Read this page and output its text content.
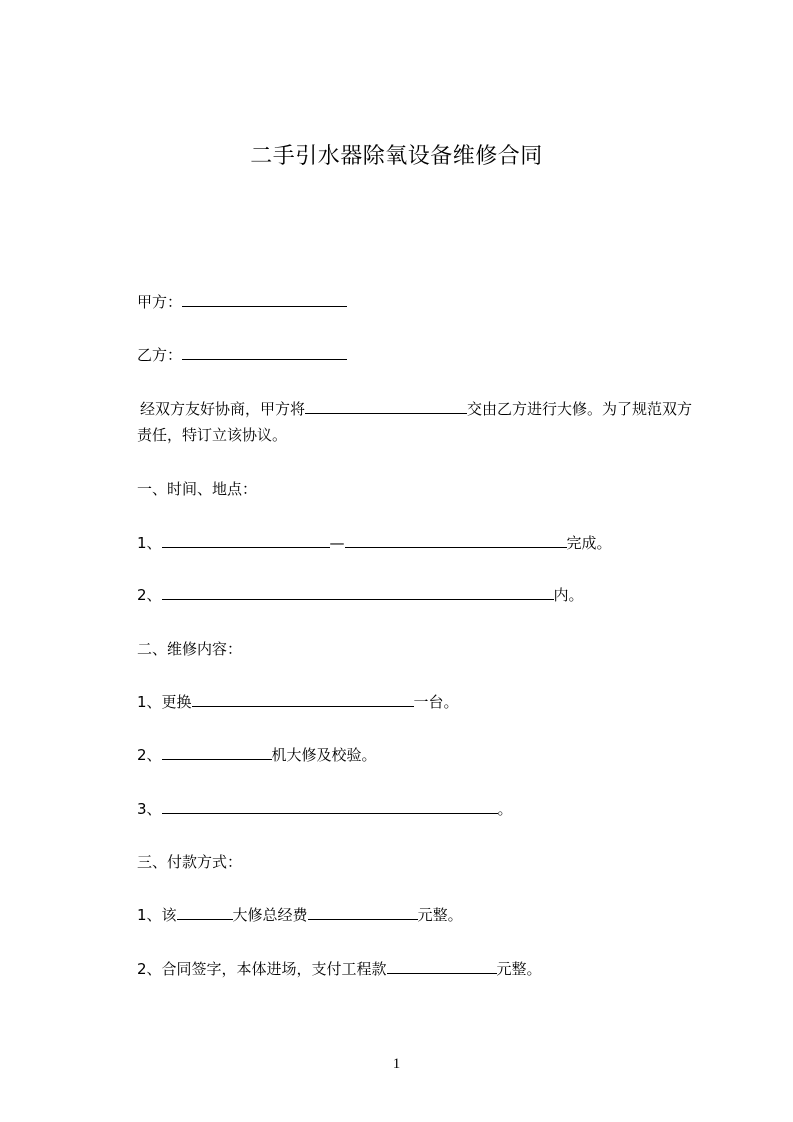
二手引水器除氧设备维修合同
甲方：
乙方：
经双方友好协商，甲方将	交由乙方进行大修。为了规范双方责任，特订立该协议。
一、时间、地点：
1、	—	完成。
2、	内。
二、维修内容：
1、更换	一台。
2、	机大修及校验。
3、	。
三、付款方式：
1、该	大修总经费	元整。
2、合同签字，本体进场，支付工程款	元整。
1
